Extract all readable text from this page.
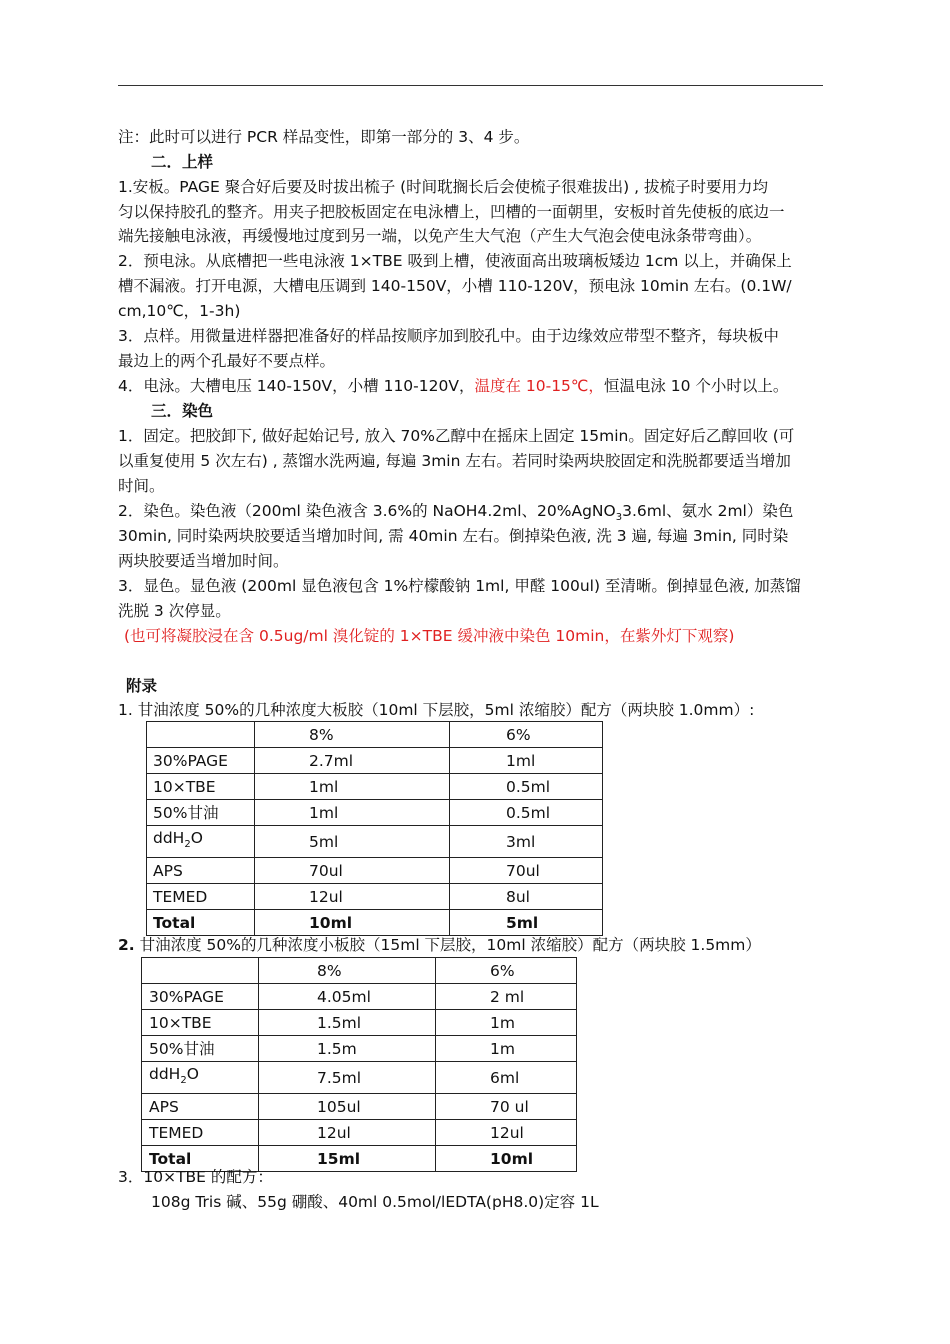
注：此时可以进行 PCR 样品变性，即第一部分的 3、4 步。
二．上样
1.安板。PAGE 聚合好后要及时拔出梳子 (时间耽搁长后会使梳子很难拔出) , 拔梳子时要用力均
匀以保持胶孔的整齐。用夹子把胶板固定在电泳槽上，凹槽的一面朝里，安板时首先使板的底边一
端先接触电泳液，再缓慢地过度到另一端，以免产生大气泡（产生大气泡会使电泳条带弯曲）。
2．预电泳。从底槽把一些电泳液 1×TBE 吸到上槽，使液面高出玻璃板矮边 1cm 以上，并确保上
槽不漏液。打开电源，大槽电压调到 140-150V，小槽 110-120V，预电泳 10min 左右。(0.1W/
cm,10℃，1-3h)
3．点样。用微量进样器把准备好的样品按顺序加到胶孔中。由于边缘效应带型不整齐，每块板中
最边上的两个孔最好不要点样。
4．电泳。大槽电压 140-150V，小槽 110-120V，温度在 10-15℃，恒温电泳 10 个小时以上。
三．染色
1．固定。把胶卸下, 做好起始记号, 放入 70%乙醇中在摇床上固定 15min。固定好后乙醇回收 (可
以重复使用 5 次左右) , 蒸馏水洗两遍, 每遍 3min 左右。若同时染两块胶固定和洗脱都要适当增加
时间。
2．染色。染色液（200ml 染色液含 3.6%的 NaOH4.2ml、20%AgNO$_3$3.6ml、氨水 2ml）染色
30min, 同时染两块胶要适当增加时间, 需 40min 左右。倒掉染色液, 洗 3 遍, 每遍 3min, 同时染
两块胶要适当增加时间。
3．显色。显色液 (200ml 显色液包含 1%柠檬酸钠 1ml, 甲醛 100ul) 至清晰。倒掉显色液, 加蒸馏
洗脱 3 次停显。
(也可将凝胶浸在含 0.5ug/ml 溴化锭的 1×TBE 缓冲液中染色 10min，在紫外灯下观察)
附录
1. 甘油浓度 50%的几种浓度大板胶（10ml 下层胶，5ml 浓缩胶）配方（两块胶 1.0mm）:
	8%	6%
30%PAGE	2.7ml	1ml
10×TBE	1ml	0.5ml
50%甘油	1ml	0.5ml
ddH$_2$O	5ml	3ml
APS	70ul	70ul
TEMED	12ul	8ul
Total	10ml	5ml
2. 甘油浓度 50%的几种浓度小板胶（15ml 下层胶，10ml 浓缩胶）配方（两块胶 1.5mm）
	8%	6%
30%PAGE	4.05ml	2 ml
10×TBE	1.5ml	1m
50%甘油	1.5m	1m
ddH$_2$O	7.5ml	6ml
APS	105ul	70 ul
TEMED	12ul	12ul
Total	15ml	10ml
3．10×TBE 的配方：
108g Tris 碱、55g 硼酸、40ml 0.5mol/lEDTA(pH8.0)定容 1L
